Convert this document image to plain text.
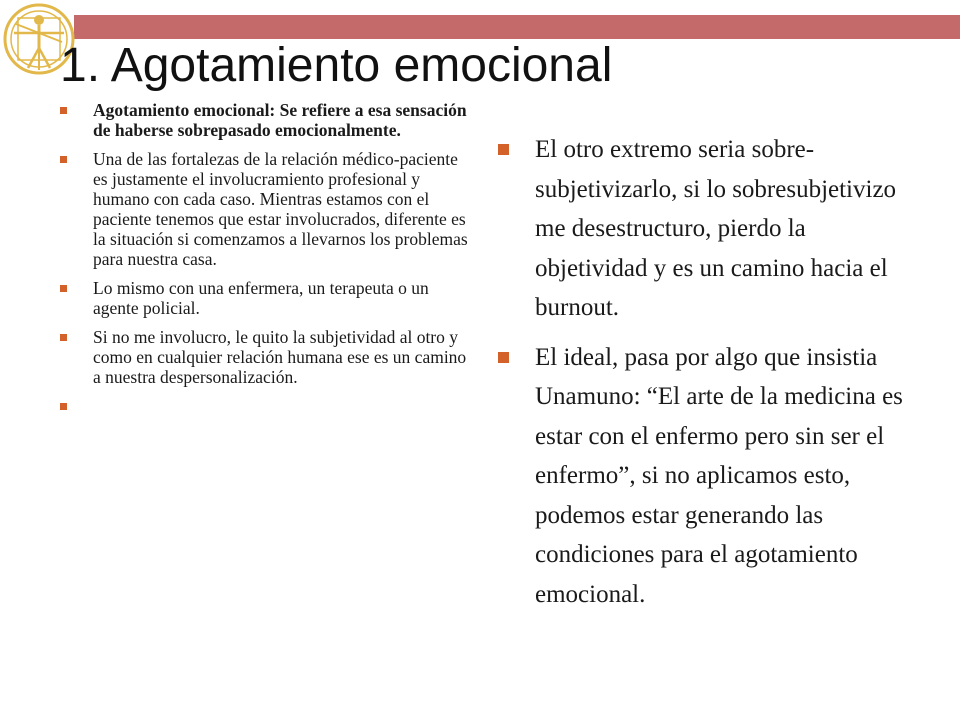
1. Agotamiento emocional
Agotamiento emocional: Se refiere a esa sensación de haberse sobrepasado emocionalmente.
Una de las fortalezas de la relación médico-paciente es justamente el involucramiento profesional y humano con cada caso. Mientras estamos con el paciente tenemos que estar involucrados, diferente es la situación si comenzamos a llevarnos los problemas para nuestra casa.
Lo mismo con una enfermera, un terapeuta o un agente policial.
Si no me involucro, le quito la subjetividad al otro y como en cualquier relación humana ese es un camino a nuestra despersonalización.
El otro extremo seria sobre-subjetivizarlo, si lo sobresubjetivizo me desestructuro, pierdo la objetividad y es un camino hacia el burnout.
El ideal, pasa por algo que insistia Unamuno: “El arte de la medicina es estar con el enfermo pero sin ser el enfermo”, si no aplicamos esto, podemos estar generando las condiciones para el agotamiento emocional.
